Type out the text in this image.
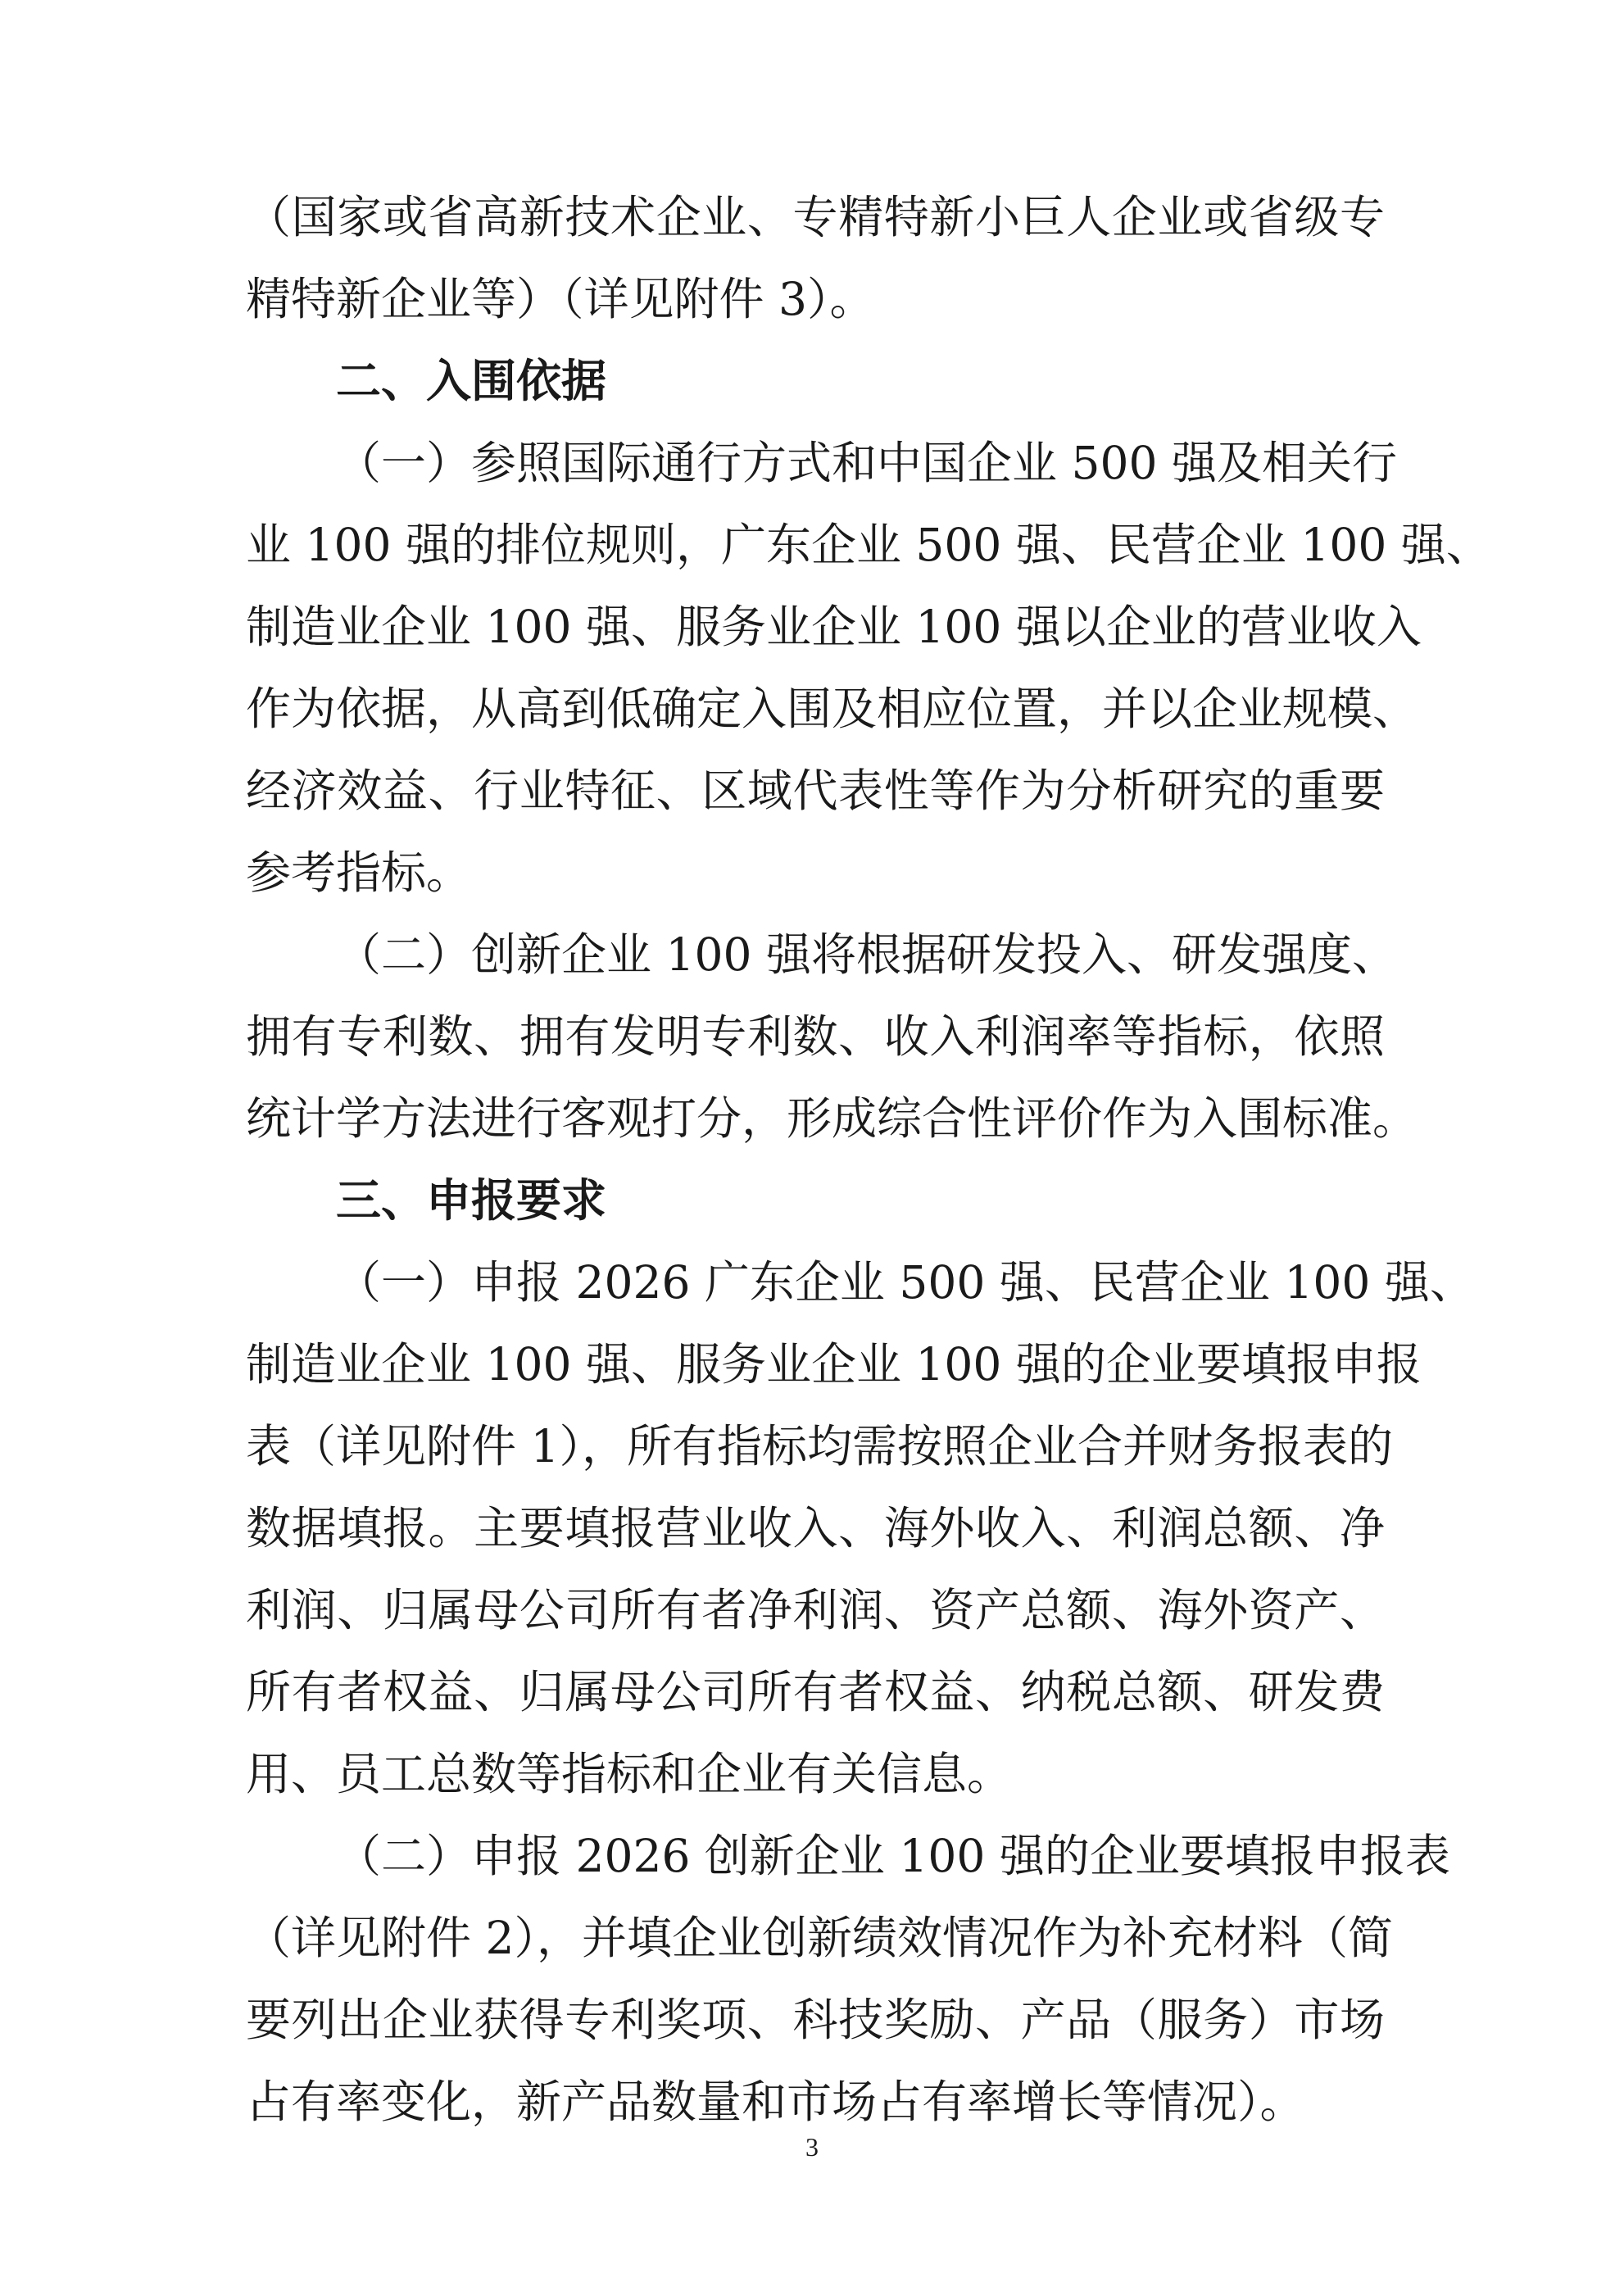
（国家或省高新技术企业、专精特新小巨人企业或省级专
精特新企业等）（详见附件 3）。
二、入围依据
（一）参照国际通行方式和中国企业 500 强及相关行
业 100 强的排位规则，广东企业 500 强、民营企业 100 强、
制造业企业 100 强、服务业企业 100 强以企业的营业收入
作为依据，从高到低确定入围及相应位置，并以企业规模、
经济效益、行业特征、区域代表性等作为分析研究的重要
参考指标。
（二）创新企业 100 强将根据研发投入、研发强度、
拥有专利数、拥有发明专利数、收入利润率等指标，依照
统计学方法进行客观打分，形成综合性评价作为入围标准。
三、申报要求
（一）申报 2026 广东企业 500 强、民营企业 100 强、
制造业企业 100 强、服务业企业 100 强的企业要填报申报
表（详见附件 1），所有指标均需按照企业合并财务报表的
数据填报。主要填报营业收入、海外收入、利润总额、净
利润、归属母公司所有者净利润、资产总额、海外资产、
所有者权益、归属母公司所有者权益、纳税总额、研发费
用、员工总数等指标和企业有关信息。
（二）申报 2026 创新企业 100 强的企业要填报申报表
（详见附件 2），并填企业创新绩效情况作为补充材料（简
要列出企业获得专利奖项、科技奖励、产品（服务）市场
占有率变化，新产品数量和市场占有率增长等情况）。
3
